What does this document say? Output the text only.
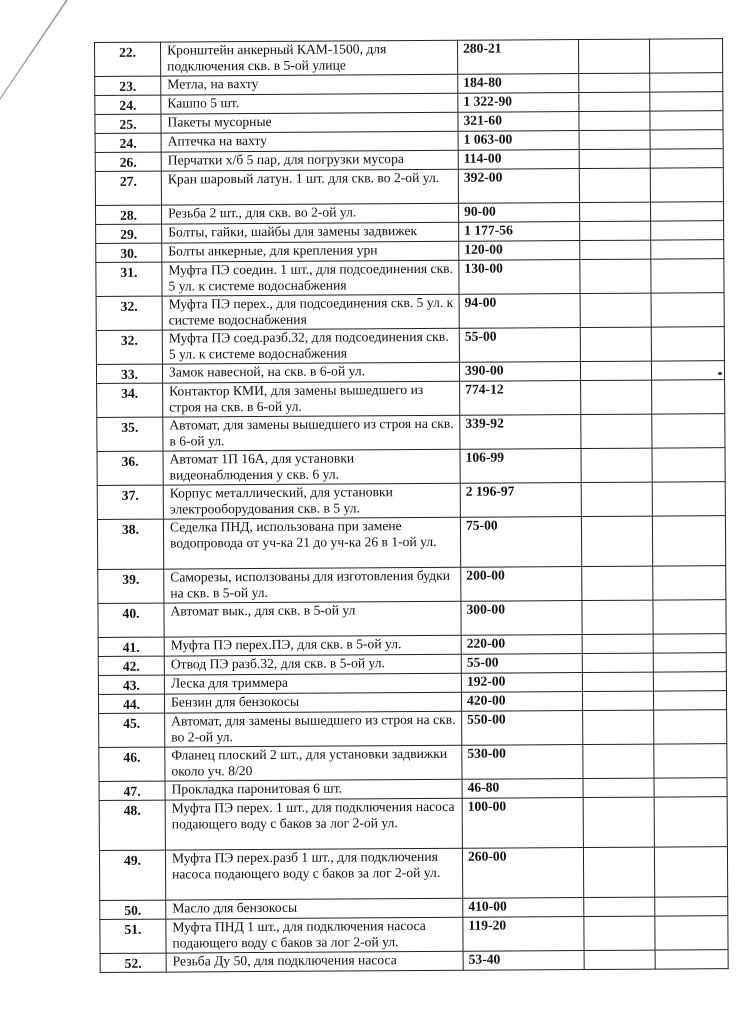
22.	Кронштейн анкерный КАМ-1500, для подключения скв. в 5-ой улице	280-21		
23.	Метла, на вахту	184-80		
24.	Кашпо 5 шт.	1 322-90		
25.	Пакеты мусорные	321-60		
24.	Аптечка на вахту	1 063-00		
26.	Перчатки х/б 5 пар, для погрузки мусора	114-00		
27.	Кран шаровый латун. 1 шт. для скв. во 2-ой ул.	392-00		
28.	Резьба 2 шт., для скв. во 2-ой ул.	90-00		
29.	Болты, гайки, шайбы для замены задвижек	1 177-56		
30.	Болты анкерные, для крепления урн	120-00		
31.	Муфта ПЭ соедин. 1 шт., для подсоединения скв. 5 ул. к системе водоснабжения	130-00		
32.	Муфта ПЭ перех., для подсоединения скв. 5 ул. к системе водоснабжения	94-00		
32.	Муфта ПЭ соед.разб.32, для подсоединения скв. 5 ул. к системе водоснабжения	55-00		
33.	Замок навесной, на скв. в 6-ой ул.	390-00		
34.	Контактор КМИ, для замены вышедшего из строя на скв. в 6-ой ул.	774-12		
35.	Автомат, для замены вышедшего из строя на скв. в 6-ой ул.	339-92		
36.	Автомат 1П 16А, для установки видеонаблюдения у скв. 6 ул.	106-99		
37.	Корпус металлический, для установки электрооборудования скв. в 5 ул.	2 196-97		
38.	Седелка ПНД, использована при замене водопровода от уч-ка 21 до уч-ка 26 в 1-ой ул.	75-00		
39.	Саморезы, исползованы для изготовления будки на скв. в 5-ой ул.	200-00		
40.	Автомат вык., для скв. в 5-ой ул	300-00		
41.	Муфта ПЭ перех.ПЭ, для скв. в 5-ой ул.	220-00		
42.	Отвод ПЭ разб.32, для скв. в 5-ой ул.	55-00		
43.	Леска для триммера	192-00		
44.	Бензин для бензокосы	420-00		
45.	Автомат, для замены вышедшего из строя на скв. во 2-ой ул.	550-00		
46.	Фланец плоский 2 шт., для установки задвижки около уч. 8/20	530-00		
47.	Прокладка паронитовая 6 шт.	46-80		
48.	Муфта ПЭ перех. 1 шт., для подключения насоса подающего воду с баков за лог 2-ой ул.	100-00		
49.	Муфта ПЭ перех.разб 1 шт., для подключения насоса подающего воду с баков за лог 2-ой ул.	260-00		
50.	Масло для бензокосы	410-00		
51.	Муфта ПНД 1 шт., для подключения насоса подающего воду с баков за лог 2-ой ул.	119-20		
52.	Резьба Ду 50, для подключения насоса	53-40		
